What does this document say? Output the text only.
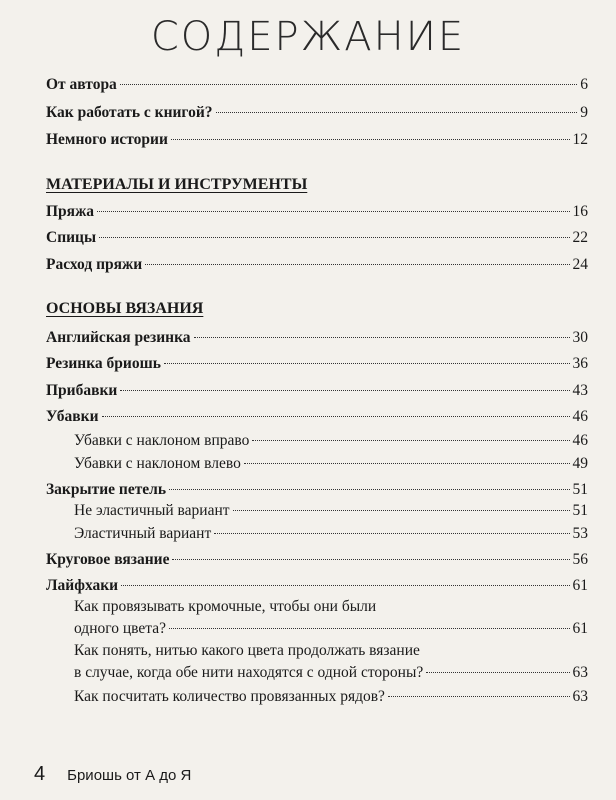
СОДЕРЖАНИЕ
От автора	6
Как работать с книгой?	9
Немного истории	12
МАТЕРИАЛЫ И ИНСТРУМЕНТЫ
Пряжа	16
Спицы	22
Расход пряжи	24
ОСНОВЫ ВЯЗАНИЯ
Английская резинка	30
Резинка бриошь	36
Прибавки	43
Убавки	46
Убавки с наклоном вправо	46
Убавки с наклоном влево	49
Закрытие петель	51
Не эластичный вариант	51
Эластичный вариант	53
Круговое вязание	56
Лайфхаки	61
Как провязывать кромочные, чтобы они были
одного цвета?	61
Как понять, нитью какого цвета продолжать вязание
в случае, когда обе нити находятся с одной стороны?	63
Как посчитать количество провязанных рядов?	63
4 Бриошь от А до Я
